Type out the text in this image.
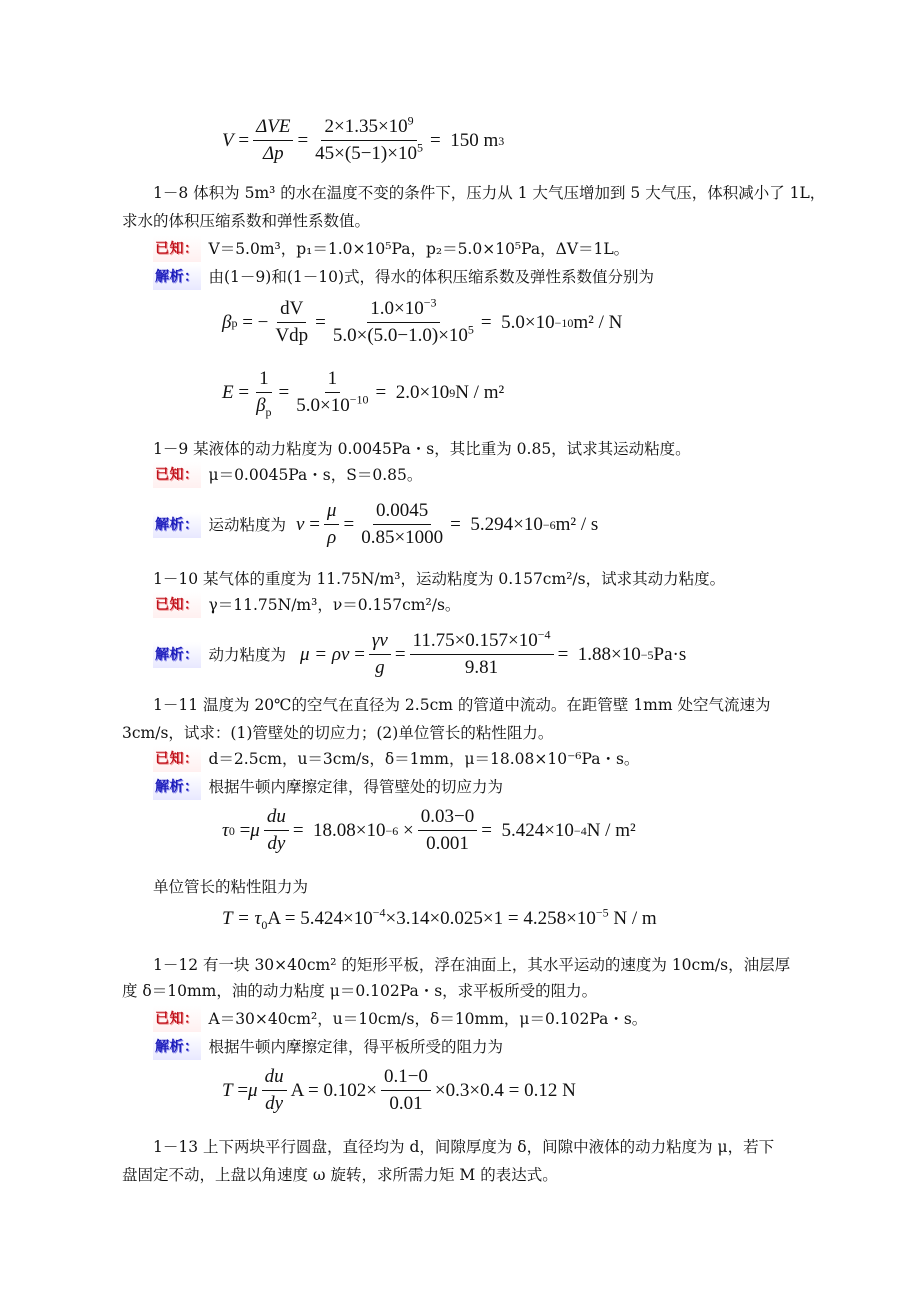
$V = \frac{\text{ΔVE}}{\Delta p} = \frac{2\times 1.35\times 10^9}{45\times(5-1)\times 10^5} = 150$ m 3
1－8 体积为 5m³ 的水在温度不变的条件下，压力从 1 大气压增加到 5 大气压，体积减小了 1L，
求水的体积压缩系数和弹性系数值。
已知： V＝5.0m³，p₁＝1.0×10⁵Pa，p₂＝5.0×10⁵Pa，ΔV＝1L。
解析： 由(1－9)和(1－10)式，得水的体积压缩系数及弹性系数值分别为
β p = − $\frac{dV}{\text{Vdp}} = \frac{1.0\times 10^{-3}}{5.0\times(5.0-1.0)\times 10^5} = 5.0\times 10 -10$ m² / N
$E = \frac{1}{\beta_p} = \frac{1}{5.0\times 10^{-10}} = 2.0\times 10$ 9 N / m²
1－9 某液体的动力粘度为 0.0045Pa・s，其比重为 0.85，试求其运动粘度。
已知： μ＝0.0045Pa・s，S＝0.85。
解析： 运动粘度为 $\nu = \frac{\mu}{\rho} = \frac{0.0045}{0.85\times 1000} = 5.294\times 10 -6$ m² / s
1－10 某气体的重度为 11.75N/m³，运动粘度为 0.157cm²/s，试求其动力粘度。
已知： γ＝11.75N/m³，ν＝0.157cm²/s。
解析： 动力粘度为 $\mu = \rho\nu = \frac{\gamma\nu}{g} = \frac{11.75\times 0.157\times 10^{-4}}{9.81} = 1.88\times 10 -5$ Pa·s
1－11 温度为 20℃的空气在直径为 2.5cm 的管道中流动。在距管壁 1mm 处空气流速为
3cm/s，试求：(1)管壁处的切应力；(2)单位管长的粘性阻力。
已知： d＝2.5cm，u＝3cm/s，δ＝1mm，μ＝18.08×10⁻⁶Pa・s。
解析： 根据牛顿内摩擦定律，得管壁处的切应力为
τ 0 = μ $\frac{du}{dy} = 18.08\times 10 -6 \times \frac{0.03-0}{0.001} = 5.424\times 10 -4$ N / m²
单位管长的粘性阻力为
$T = \tau_0A = 5.424\times 10^{-4}\times 3.14\times 0.025\times 1 = 4.258\times 10^{-5}$ N / m
1－12 有一块 30×40cm² 的矩形平板，浮在油面上，其水平运动的速度为 10cm/s，油层厚
度 δ＝10mm，油的动力粘度 μ＝0.102Pa・s，求平板所受的阻力。
已知： A＝30×40cm²，u＝10cm/s，δ＝10mm，μ＝0.102Pa・s。
解析： 根据牛顿内摩擦定律，得平板所受的阻力为
T = μ $\frac{du}{dy}$ $A = 0.102\times \frac{0.1-0}{0.01} \times 0.3\times 0.4 = 0.12$ N
1－13 上下两块平行圆盘，直径均为 d，间隙厚度为 δ，间隙中液体的动力粘度为 μ，若下
盘固定不动，上盘以角速度 ω 旋转，求所需力矩 M 的表达式。
